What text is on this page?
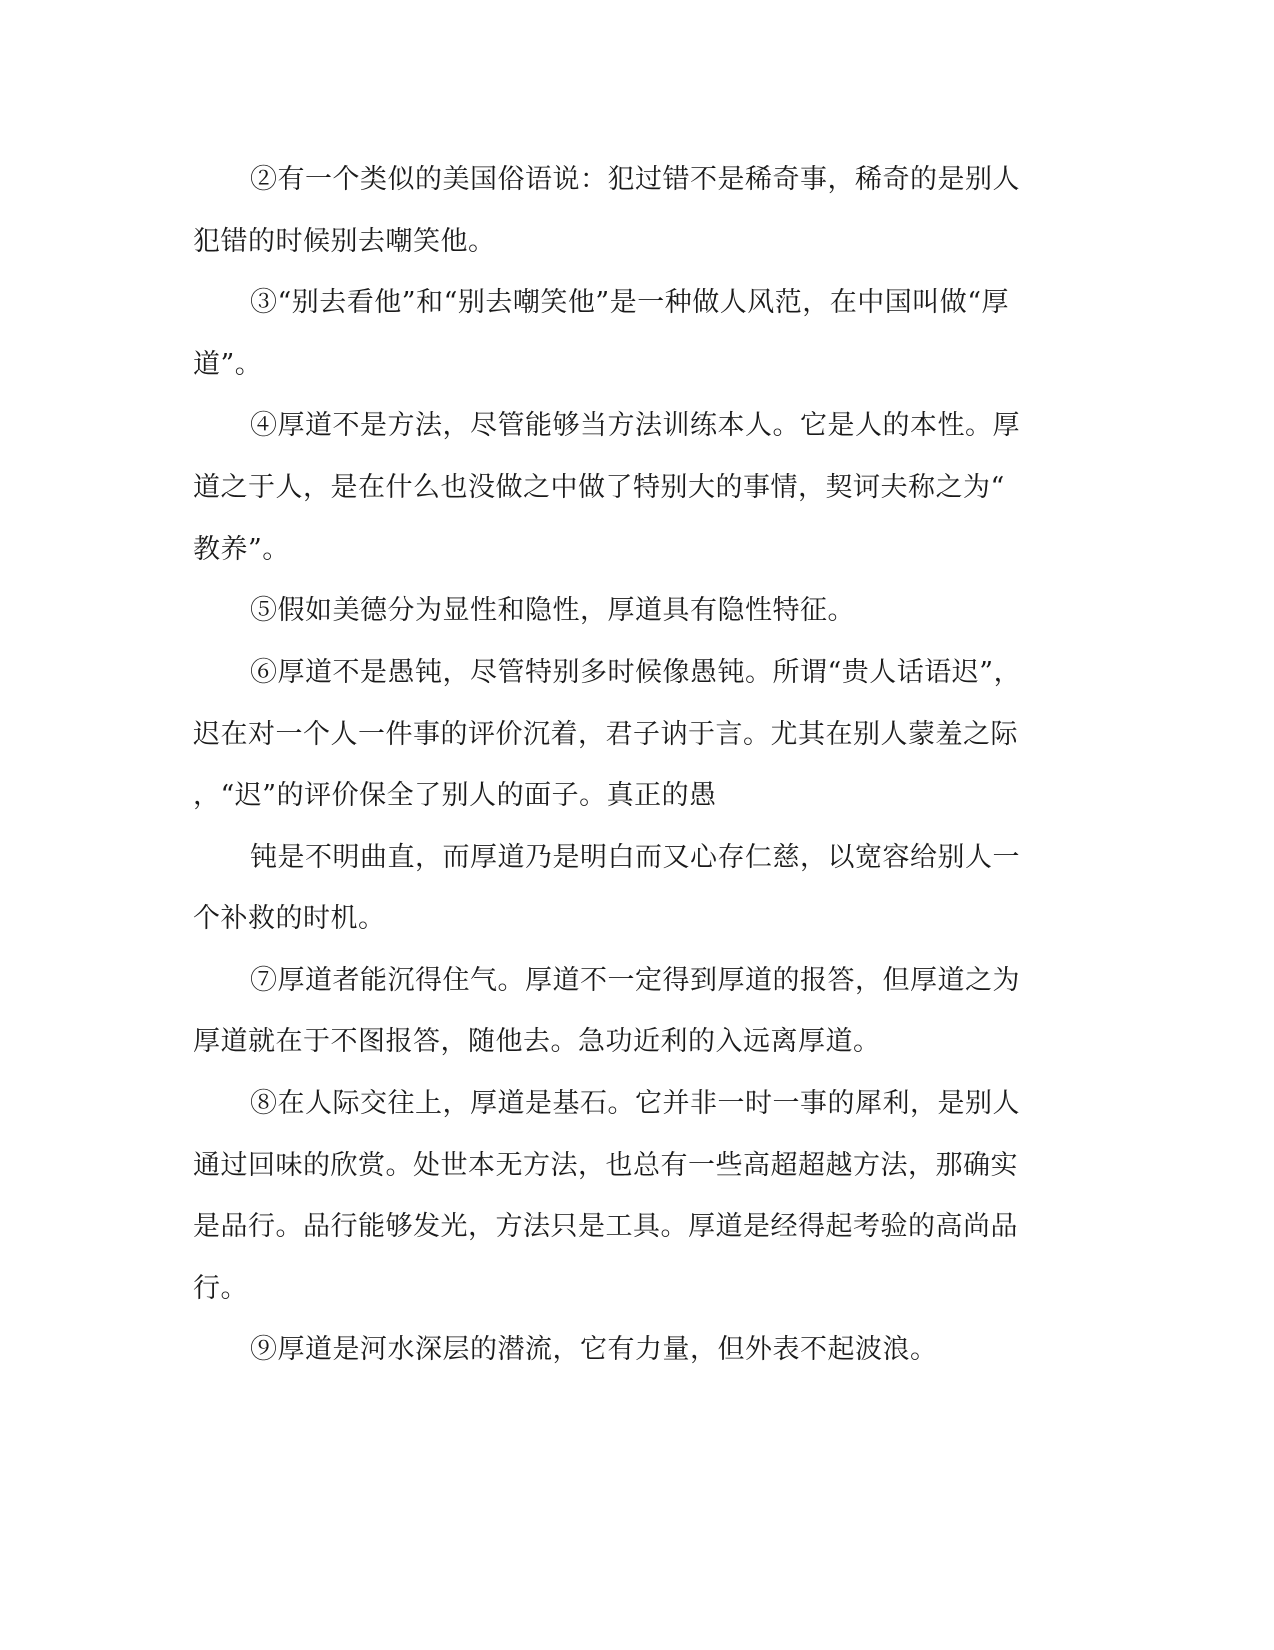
②有一个类似的美国俗语说：犯过错不是稀奇事，稀奇的是别人
犯错的时候别去嘲笑他。
③“别去看他”和“别去嘲笑他”是一种做人风范，在中国叫做“厚
道”。
④厚道不是方法，尽管能够当方法训练本人。它是人的本性。厚
道之于人，是在什么也没做之中做了特别大的事情，契诃夫称之为“
教养”。
⑤假如美德分为显性和隐性，厚道具有隐性特征。
⑥厚道不是愚钝，尽管特别多时候像愚钝。所谓“贵人话语迟”，
迟在对一个人一件事的评价沉着，君子讷于言。尤其在别人蒙羞之际
，“迟”的评价保全了别人的面子。真正的愚
钝是不明曲直，而厚道乃是明白而又心存仁慈，以宽容给别人一
个补救的时机。
⑦厚道者能沉得住气。厚道不一定得到厚道的报答，但厚道之为
厚道就在于不图报答，随他去。急功近利的入远离厚道。
⑧在人际交往上，厚道是基石。它并非一时一事的犀利，是别人
通过回味的欣赏。处世本无方法，也总有一些高超超越方法，那确实
是品行。品行能够发光，方法只是工具。厚道是经得起考验的高尚品
行。
⑨厚道是河水深层的潜流，它有力量，但外表不起波浪。
